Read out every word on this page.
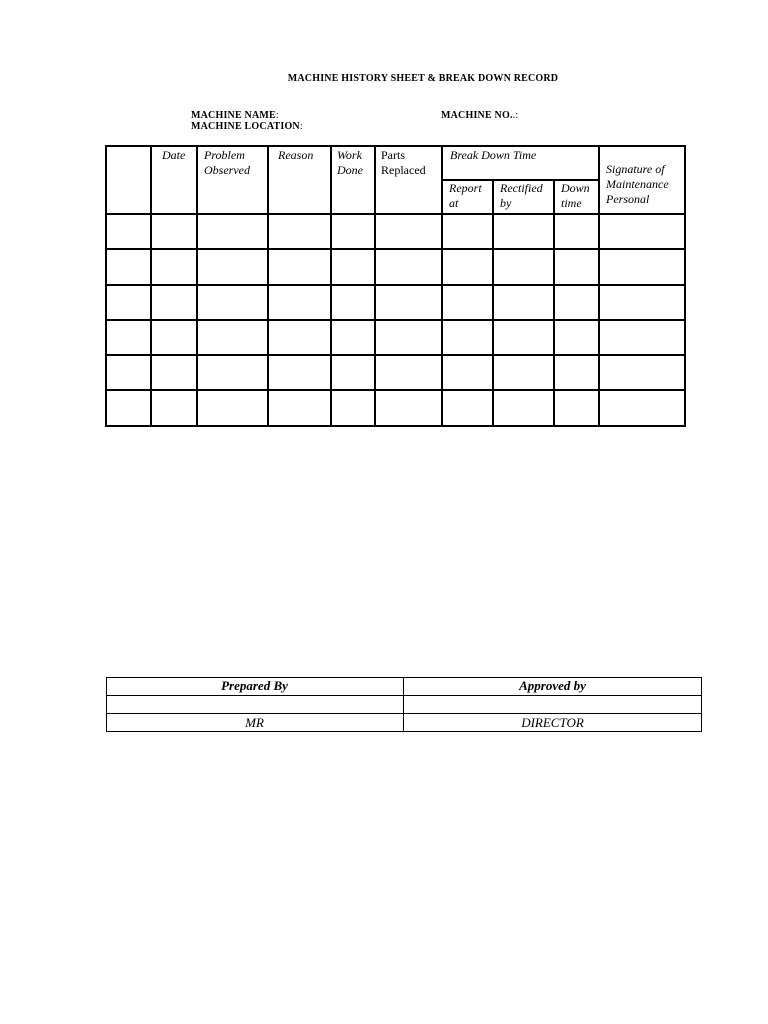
MACHINE HISTORY SHEET & BREAK DOWN RECORD
MACHINE NAME:
MACHINE LOCATION:
MACHINE NO..:
Date Problem
Observed
Reason Work
Done
Parts
Replaced
Break Down Time
Report
at
Rectified
by
Down
time
Signature of
Maintenance
Personal
Prepared By	Approved by
MR	DIRECTOR
